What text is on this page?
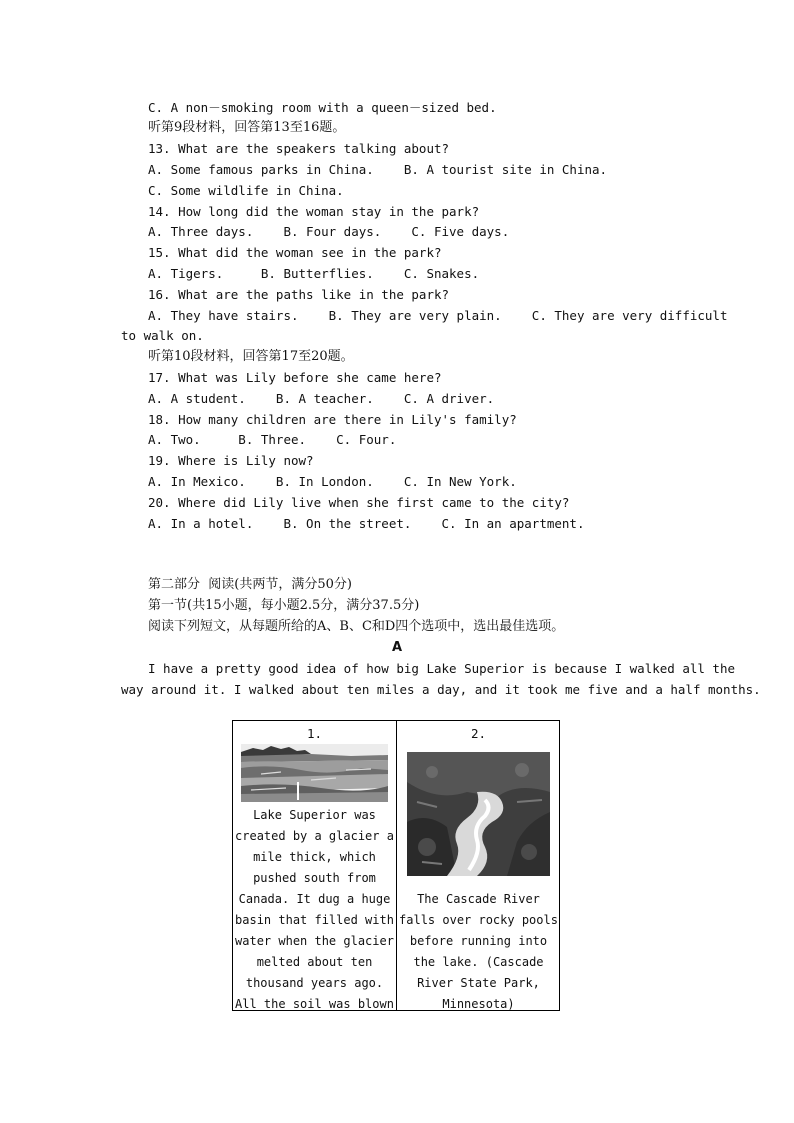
C. A non－smoking room with a queen－sized bed.
听第9段材料，回答第13至16题。
13. What are the speakers talking about?
A. Some famous parks in China.    B. A tourist site in China.
C. Some wildlife in China.
14. How long did the woman stay in the park?
A. Three days.    B. Four days.    C. Five days.
15. What did the woman see in the park?
A. Tigers.     B. Butterflies.    C. Snakes.
16. What are the paths like in the park?
A. They have stairs.    B. They are very plain.    C. They are very difficult
to walk on.
听第10段材料，回答第17至20题。
17. What was Lily before she came here?
A. A student.    B. A teacher.    C. A driver.
18. How many children are there in Lily's family?
A. Two.     B. Three.    C. Four.
19. Where is Lily now?
A. In Mexico.    B. In London.    C. In New York.
20. Where did Lily live when she first came to the city?
A. In a hotel.    B. On the street.    C. In an apartment.
第二部分  阅读(共两节，满分50分)
第一节(共15小题，每小题2.5分，满分37.5分)
阅读下列短文，从每题所给的A、B、C和D四个选项中，选出最佳选项。
A
I have a pretty good idea of how big Lake Superior is because I walked all the
way around it. I walked about ten miles a day, and it took me five and a half months.
1.
Lake Superior was
created by a glacier a
mile thick, which
pushed south from
Canada. It dug a huge
basin that filled with
water when the glacier
melted about ten
thousand years ago.
All the soil was blown
2.
The Cascade River
falls over rocky pools
before running into
the lake. (Cascade
River State Park,
Minnesota)
